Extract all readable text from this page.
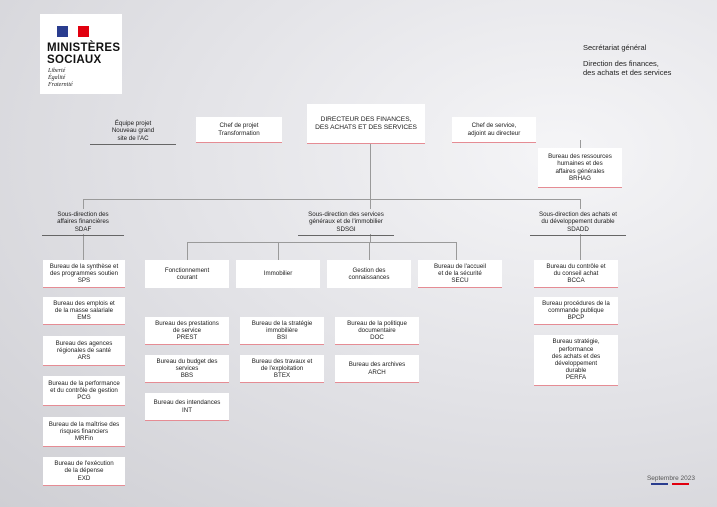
MINISTÈRES
SOCIAUX
Liberté
Égalité
Fraternité
Secrétariat général
Direction des finances,
des achats et des services
Équipe projet
Nouveau grand
site de l'AC
Chef de projet
Transformation
DIRECTEUR DES FINANCES,
DES ACHATS ET DES SERVICES	Chef de service,
adjoint au directeur
Bureau des ressources
humaines et des
affaires générales
BRHAG
Sous-direction des
affaires financières
SDAF
Sous-direction des services
généraux et de l'immobilier
SDSGI
Sous-direction des achats et
du développement durable
SDADD
Bureau de la synthèse et
des programmes soutien
SPS
Bureau des emplois et
de la masse salariale
EMS
Bureau des agences
régionales de santé
ARS
Bureau de la performance
et du contrôle de gestion
PCG
Bureau de la maîtrise des
risques financiers
MRFin
Bureau de l'exécution
de la dépense
EXD
Fonctionnement
courant
Immobilier
Gestion des
connaissances
Bureau de l'accueil
et de la sécurité
SECU
Bureau des prestations
de service
PREST
Bureau du budget des
services
BBS
Bureau des intendances
INT
Bureau de la stratégie
immobilière
BSI
Bureau des travaux et
de l'exploitation
BTEX
Bureau de la politique
documentaire
DOC
Bureau des archives
ARCH
Bureau du contrôle et
du conseil achat
BCCA
Bureau procédures de la
commande publique
BPCP
Bureau stratégie,
performance
des achats et des
développement
durable
PERFA
Septembre 2023
